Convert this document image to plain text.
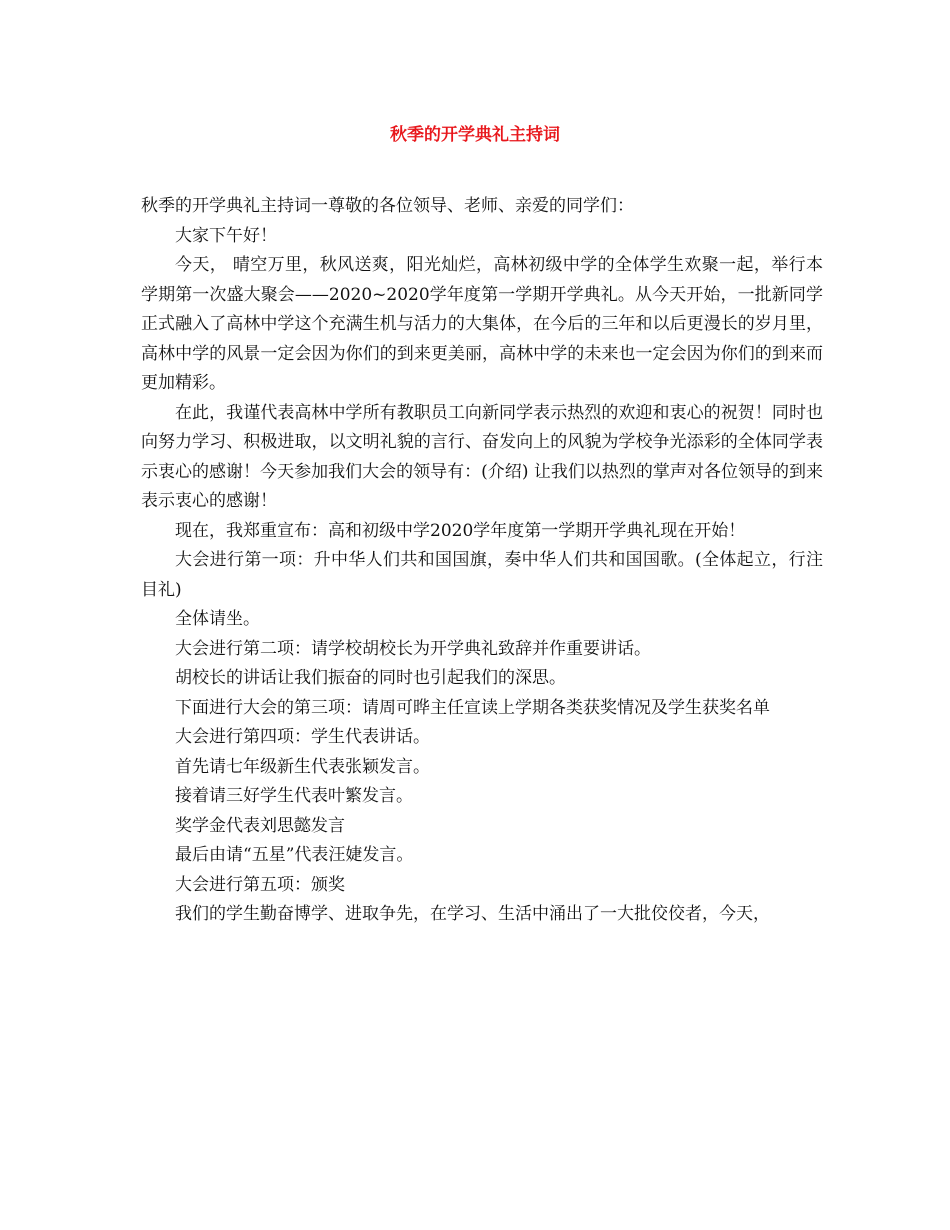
秋季的开学典礼主持词

秋季的开学典礼主持词一尊敬的各位领导、老师、亲爱的同学们：

大家下午好！

今天， 晴空万里，秋风送爽，阳光灿烂，高林初级中学的全体学生欢聚一起，举行本学期第一次盛大聚会——2020~2020学年度第一学期开学典礼。从今天开始，一批新同学正式融入了高林中学这个充满生机与活力的大集体，在今后的三年和以后更漫长的岁月里，高林中学的风景一定会因为你们的到来更美丽，高林中学的未来也一定会因为你们的到来而更加精彩。

在此，我谨代表高林中学所有教职员工向新同学表示热烈的欢迎和衷心的祝贺！同时也向努力学习、积极进取，以文明礼貌的言行、奋发向上的风貌为学校争光添彩的全体同学表示衷心的感谢！今天参加我们大会的领导有：(介绍) 让我们以热烈的掌声对各位领导的到来表示衷心的感谢！

现在，我郑重宣布：高和初级中学2020学年度第一学期开学典礼现在开始！

大会进行第一项：升中华人们共和国国旗，奏中华人们共和国国歌。(全体起立，行注目礼)

全体请坐。

大会进行第二项：请学校胡校长为开学典礼致辞并作重要讲话。

胡校长的讲话让我们振奋的同时也引起我们的深思。

下面进行大会的第三项：请周可晔主任宣读上学期各类获奖情况及学生获奖名单

大会进行第四项：学生代表讲话。

首先请七年级新生代表张颖发言。

接着请三好学生代表叶繁发言。

奖学金代表刘思懿发言

最后由请“五星”代表汪婕发言。

大会进行第五项：颁奖

我们的学生勤奋博学、进取争先，在学习、生活中涌出了一大批佼佼者，今天，
